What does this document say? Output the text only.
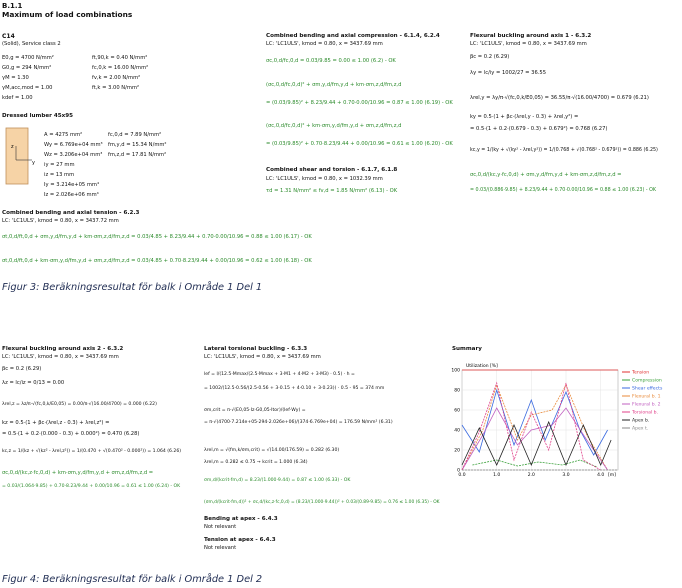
B.1.1
Maximum of load combinations
C14
(Solid), Service class 2
E0,g = 4700 N/mm²
G0,g = 294 N/mm²
γM = 1.30
γM,acc,mod = 1.00
kdef = 1.00
ft,90,k = 0.40 N/mm²
fc,0,k = 16.00 N/mm²
fv,k = 2.00 N/mm²
ft,k = 3.00 N/mm²
Dressed lumber 45x95
z
y
A = 4275 mm²
Wy = 6.769e+04 mm³
Wz = 3.206e+04 mm³
iy = 27 mm
iz = 13 mm
Iy = 3.214e+05 mm⁴
Iz = 2.026e+06 mm⁴
fc,0,d = 7.89 N/mm²
fm,y,d = 15.34 N/mm²
fm,z,d = 17.81 N/mm²
Combined bending and axial tension - 6.2.3
LC: 'LC1ULS', kmod = 0.80, x = 3437.72 mm
σt,0,d/ft,0,d + σm,y,d/fm,y,d + km·σm,z,d/fm,z,d = 0.03/4.85 + 8.23/9.44 + 0.70·0.00/10.96 = 0.88 ≤ 1.00 (6.17) - OK
σt,0,d/ft,0,d + km·σm,y,d/fm,y,d + σm,z,d/fm,z,d = 0.03/4.85 + 0.70·8.23/9.44 + 0.00/10.96 = 0.62 ≤ 1.00 (6.18) - OK
Combined bending and axial compression - 6.1.4, 6.2.4
LC: 'LC1ULS', kmod = 0.80, x = 3437.69 mm
σc,0,d/fc,0,d = 0.03/9.85 = 0.00 ≤ 1.00 (6.2) - OK
(σc,0,d/fc,0,d)² + σm,y,d/fm,y,d + km·σm,z,d/fm,z,d
= (0.03/9.85)² + 8.23/9.44 + 0.70·0.00/10.96 = 0.87 ≤ 1.00 (6.19) - OK
(σc,0,d/fc,0,d)² + km·σm,y,d/fm,y,d + σm,z,d/fm,z,d
= (0.03/9.85)² + 0.70·8.23/9.44 + 0.00/10.96 = 0.61 ≤ 1.00 (6.20) - OK
Combined shear and torsion - 6.1.7, 6.1.8
LC: 'LC1ULS', kmod = 0.80, x = 1032.39 mm
τd = 1.31 N/mm² ≤ fv,d = 1.85 N/mm² (6.13) - OK
Flexural buckling around axis 1 - 6.3.2
LC: 'LC1ULS', kmod = 0.80, x = 3437.69 mm
βc = 0.2 (6.29)
λy = lc/iy = 1002/27 = 36.55
λrel,y = λy/π·√(fc,0,k/E0,05) = 36.55/π·√(16.00/4700) = 0.679 (6.21)
ky = 0.5·(1 + βc·(λrel,y - 0.3) + λrel,y²) =
= 0.5·(1 + 0.2·(0.679 - 0.3) + 0.679²) = 0.768 (6.27)
kc,y = 1/(ky + √(ky² - λrel,y²)) = 1/(0.768 + √(0.768² - 0.679²)) = 0.886 (6.25)
σc,0,d/(kc,y·fc,0,d) + σm,y,d/fm,y,d + km·σm,z,d/fm,z,d =
= 0.03/(0.886·9.85) + 8.23/9.44 + 0.70·0.00/10.96 = 0.88 ≤ 1.00 (6.23) - OK
Figur 3: Beräkningsresultat för balk i Område 1 Del 1
Flexural buckling around axis 2 - 6.3.2
LC: 'LC1ULS', kmod = 0.80, x = 3437.69 mm
βc = 0.2 (6.29)
λz = lc/iz = 0/13 = 0.00
λrel,z = λz/π·√(fc,0,k/E0,05) = 0.00/π·√(16.00/4700) = 0.000 (6.22)
kz = 0.5·(1 + βc·(λrel,z - 0.3) + λrel,z²) =
= 0.5·(1 + 0.2·(0.000 - 0.3) + 0.000²) = 0.470 (6.28)
kc,z = 1/(kz + √(kz² - λrel,z²)) = 1/(0.470 + √(0.470² - 0.000²)) = 1.064 (6.26)
σc,0,d/(kc,z·fc,0,d) + km·σm,y,d/fm,y,d + σm,z,d/fm,z,d =
= 0.03/(1.064·9.85) + 0.70·8.23/9.44 + 0.00/10.96 = 0.61 ≤ 1.00 (6.24) - OK
Lateral torsional buckling - 6.3.3
LC: 'LC1ULS', kmod = 0.80, x = 3437.69 mm
lef = l/(12.5·Mmax/(2.5·Mmax + 3·M1 + 4·M2 + 3·M3) · 0.5) · h =
= 1002/(12.5·0.56/(2.5·0.56 + 3·0.15 + 4·0.10 + 3·0.23)) · 0.5 - 95 = 374 mm
σm,crit = π·√(E0,05·Iz·G0,05·Itor)/(lef·Wy) =
= π·√(4700·7.214e+05·294·2.026e+06)/(374·6.769e+04) = 176.59 N/mm² (6.31)
λrel,m = √(fm,k/σm,crit) = √(14.00/176.59) = 0.282 (6.30)
λrel,m = 0.282 ≤ 0.75 → kcrit = 1.000 (6.34)
σm,d/(kcrit·fm,d) = 8.23/(1.000·9.44) = 0.87 ≤ 1.00 (6.33) - OK
(σm,d/(kcrit·fm,d))² + σc,d/(kc,z·fc,0,d) = (8.23/(1.000·9.44))² + 0.03/(0.89·9.85) = 0.76 ≤ 1.00 (6.35) - OK
Bending at apex - 6.4.3
Not relevant
Tension at apex - 6.4.3
Not relevant
Summary
0
20
40
60
80
100
0.0	1.0	2.0	3.0	4.0
Utilization [%]
[m]
Tension
Compression
Shear effects
Flexural b. 1
Flexural b. 2
Torsional b.
Apex b.
Apex t.
Figur 4: Beräkningsresultat för balk i Område 1 Del 2
